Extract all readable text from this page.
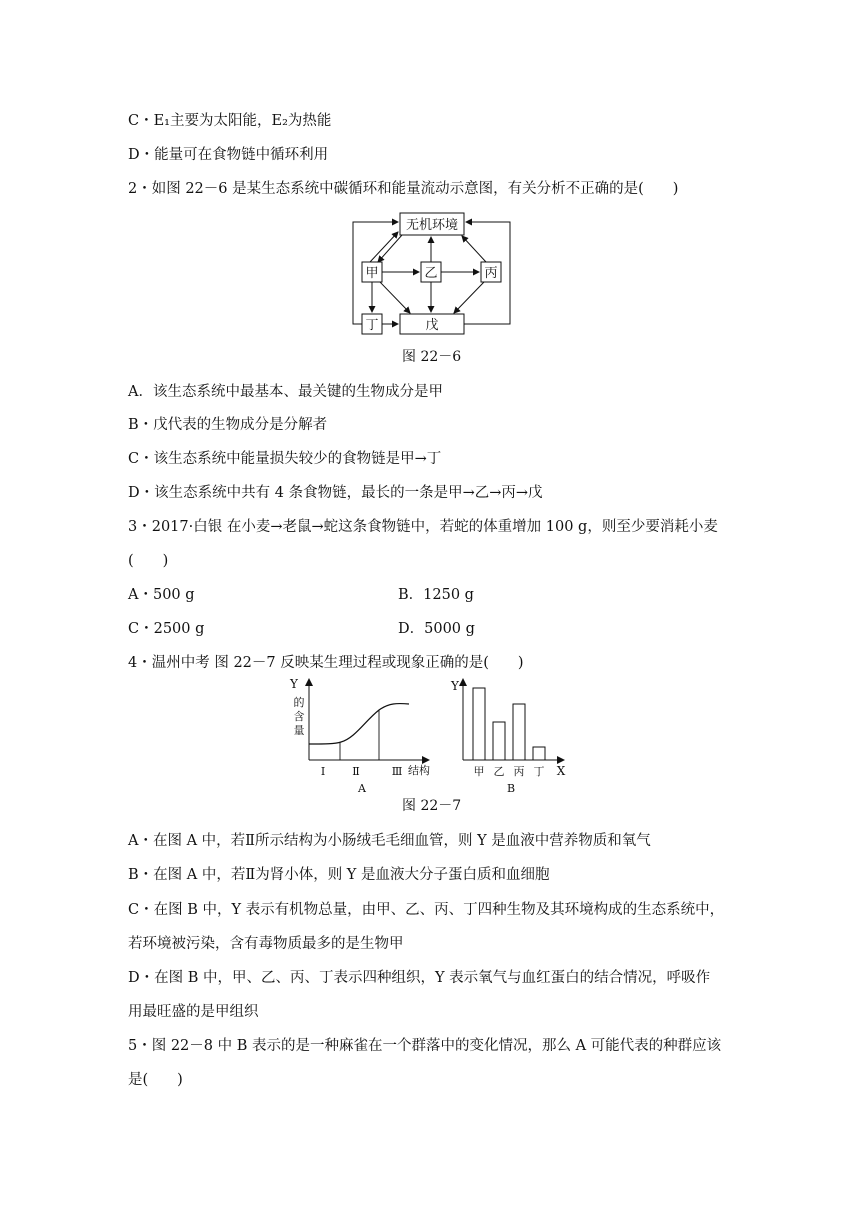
C・E₁主要为太阳能，E₂为热能
D・能量可在食物链中循环利用
2・如图 22－6 是某生态系统中碳循环和能量流动示意图，有关分析不正确的是(　　)
无机环境
甲	乙	丙
丁	戊
图 22－6
A．该生态系统中最基本、最关键的生物成分是甲
B・戊代表的生物成分是分解者
C・该生态系统中能量损失较少的食物链是甲→丁
D・该生态系统中共有 4 条食物链，最长的一条是甲→乙→丙→戊
3・2017·白银 在小麦→老鼠→蛇这条食物链中，若蛇的体重增加 100 g，则至少要消耗小麦
(　　)
A・500 g	B．1250 g
C・2500 g	D．5000 g
4・温州中考 图 22－7 反映某生理过程或现象正确的是(　　)
Y
的
含
量
Ⅰ Ⅱ	Ⅲ 结构
A
Y
甲 乙 丙 丁 X
B
图 22－7
A・在图 A 中，若Ⅱ所示结构为小肠绒毛毛细血管，则 Y 是血液中营养物质和氧气
B・在图 A 中，若Ⅱ为肾小体，则 Y 是血液大分子蛋白质和血细胞
C・在图 B 中，Y 表示有机物总量，由甲、乙、丙、丁四种生物及其环境构成的生态系统中，
若环境被污染，含有毒物质最多的是生物甲
D・在图 B 中，甲、乙、丙、丁表示四种组织，Y 表示氧气与血红蛋白的结合情况，呼吸作
用最旺盛的是甲组织
5・图 22－8 中 B 表示的是一种麻雀在一个群落中的变化情况，那么 A 可能代表的种群应该
是(　　)
